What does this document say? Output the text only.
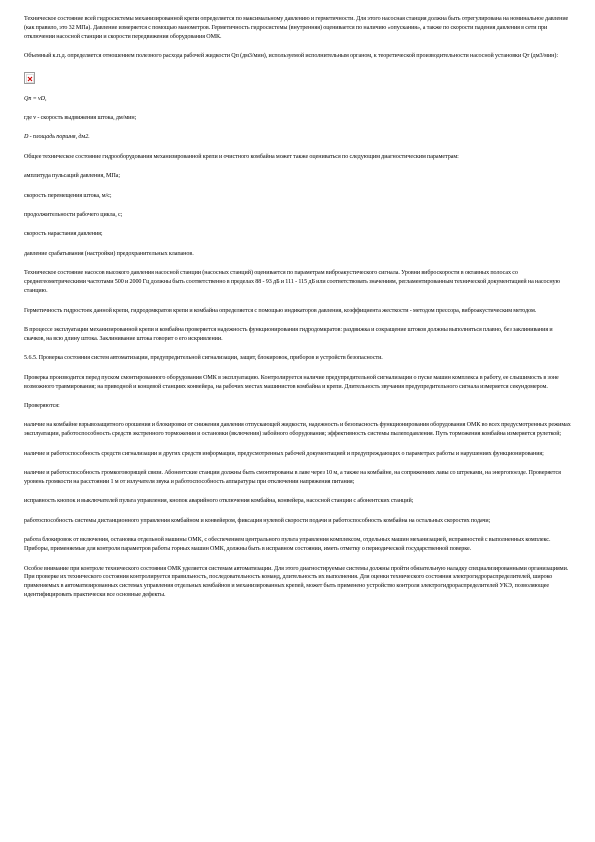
Техническое состояние всей гидросистемы механизированной крепи определяется по максимальному давлению и герметичности. Для этого насосная станция должна быть отрегулирована на номинальное давление (как правило, это 32 МПа). Давление измеряется с помощью манометров. Герметичность гидросистемы (внутренняя) оценивается по наличию «опускания», а также по скорости падения давления в сети при отключении насосной станции и скорости передвижения оборудования ОМК.

Объемный к.п.д. определяется отношением полезного расхода рабочей жидкости Qп (дм3/мин), используемой исполнительным органом, к теоретической производительности насосной установки Qт (дм3/мин):

Qп = vD,

где v - скорость выдвижения штока, дм/мин;

D - площадь поршня, дм2.

Общее техническое состояние гидрооборудования механизированной крепи и очистного комбайна может также оцениваться по следующим диагностическим параметрам:

амплитуда пульсаций давления, МПа;

скорость перемещения штока, м/с;

продолжительности рабочего цикла, с;

скорость нарастания давления;

давление срабатывания (настройки) предохранительных клапанов.

Техническое состояние насосов высокого давления насосной станции (насосных станций) оценивается по параметрам виброакустического сигнала. Уровни виброскорости в октавных полосах со среднегеометрическими частотами 500 и 2000 Гц должны быть соответственно в пределах 88 - 93 дБ и 111 - 115 дБ или соответствовать значениям, регламентированным технической документацией на насосную станцию.

Герметичность гидростоек данной крепи, гидродомкратов крепи и комбайна определяется с помощью индикаторов давления, коэффициента жесткости - методом прессора, виброакустическим методом.

В процессе эксплуатации механизированной крепи и комбайна проверяется надежность функционирования гидродомкратов: раздвижка и сокращение штоков должны выполняться плавно, без заклинивания и скачков, на всю длину штока. Заклинивание штока говорит о его искривлении.

5.6.5. Проверка состояния систем автоматизации, предупредительной сигнализации, защит, блокировок, приборов и устройств безопасности.

Проверка производится перед пуском смонтированного оборудования ОМК в эксплуатацию. Контролируется наличие предупредительной сигнализации о пуске машин комплекса в работу, ее слышимость в зоне возможного травмирования; на приводной и концевой станциях конвейера, на рабочих местах машинистов комбайна и крепи. Длительность звучания предупредительного сигнала измеряется секундомером.

Проверяются:

наличие на комбайне взрывозащитного орошения и блокировки от снижения давления отпускающей жидкости, надежность и безопасность функционирования оборудования ОМК во всех предусмотренных режимах эксплуатации, работоспособность средств экстренного торможения и остановки (включения) забойного оборудования; эффективность системы пылеподавления. Путь торможения комбайна измеряется рулеткой;

наличие и работоспособность средств сигнализации и других средств информации, предусмотренных рабочей документацией и предупреждающих о параметрах работы и нарушениях функционирования;

наличие и работоспособность громкоговорящей связи. Абонентские станции должны быть смонтированы в лаве через 10 м, а также на комбайне, на сопряжениях лавы со штреками, на энергопоезде. Проверяется уровень громкости на расстоянии 1 м от излучателя звука и работоспособность аппаратуры при отключении напряжения питания;

исправность кнопок и выключателей пульта управления, кнопок аварийного отключения комбайна, конвейера, насосной станции с абонентских станций;

работоспособность системы дистанционного управления комбайном и конвейером, фиксация нулевой скорости подачи и работоспособность комбайна на остальных скоростях подачи;

работа блокировок от включения, остановка отдельной машины ОМК, с обеспечением центрального пульта управления комплексом, отдельных машин механизацией, исправностей с выполненных комплекс. Приборы, применяемые для контроля параметров работы горных машин ОМК, должны быть в исправном состоянии, иметь отметку о периодической государственной поверке.

Особое внимание при контроле технического состояния ОМК уделяется системам автоматизации. Для этого диагностируемые системы должны пройти обязательную наладку специализированными организациями. При проверке их технического состояния контролируется правильность, последовательность команд, длительность их выполнения. Для оценки технического состояния электрогидрораспределителей, широко применяемых в автоматизированных системах управления отдельных комбайнов и механизированных крепей, может быть применено устройство контроля электрогидрораспределителей УКЭ, позволяющее идентифицировать практически все основные дефекты.
